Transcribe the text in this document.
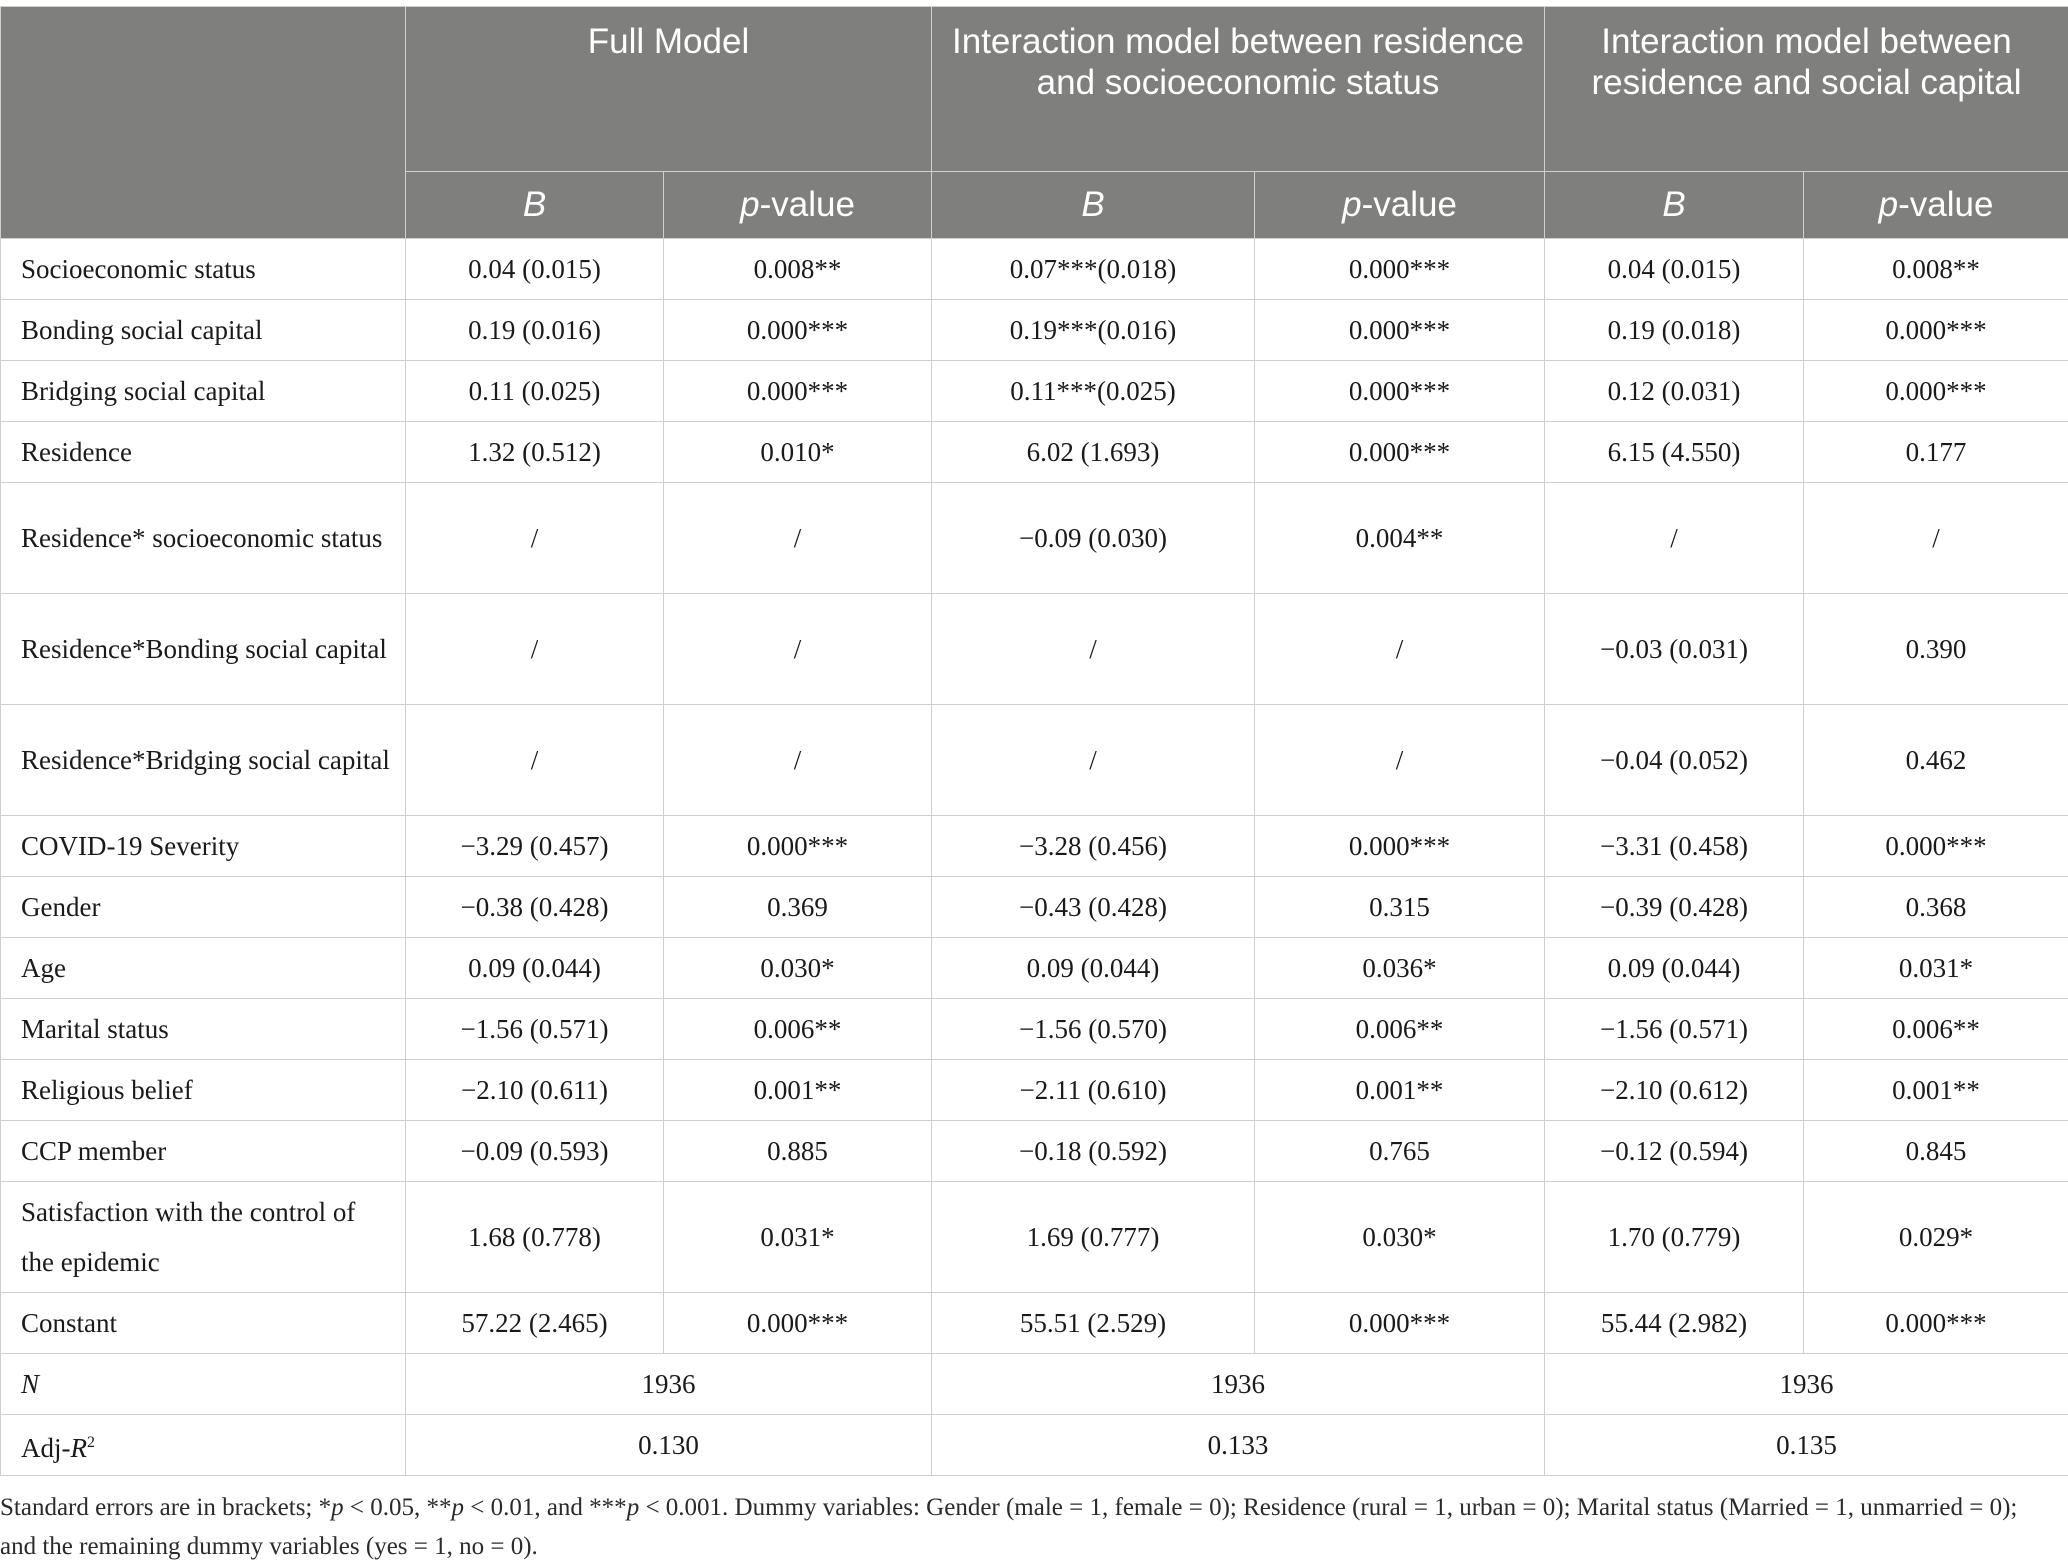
	Full Model		Interaction model between residence and socioeconomic status		Interaction model between residence and social capital	
	B	p-value	B	p-value	B	p-value
Socioeconomic status	0.04 (0.015)	0.008**	0.07***(0.018)	0.000***	0.04 (0.015)	0.008**
Bonding social capital	0.19 (0.016)	0.000***	0.19***(0.016)	0.000***	0.19 (0.018)	0.000***
Bridging social capital	0.11 (0.025)	0.000***	0.11***(0.025)	0.000***	0.12 (0.031)	0.000***
Residence	1.32 (0.512)	0.010*	6.02 (1.693)	0.000***	6.15 (4.550)	0.177
Residence* socioeconomic status	/	/	−0.09 (0.030)	0.004**	/	/
Residence*Bonding social capital	/	/	/	/	−0.03 (0.031)	0.390
Residence*Bridging social capital	/	/	/	/	−0.04 (0.052)	0.462
COVID-19 Severity	−3.29 (0.457)	0.000***	−3.28 (0.456)	0.000***	−3.31 (0.458)	0.000***
Gender	−0.38 (0.428)	0.369	−0.43 (0.428)	0.315	−0.39 (0.428)	0.368
Age	0.09 (0.044)	0.030*	0.09 (0.044)	0.036*	0.09 (0.044)	0.031*
Marital status	−1.56 (0.571)	0.006**	−1.56 (0.570)	0.006**	−1.56 (0.571)	0.006**
Religious belief	−2.10 (0.611)	0.001**	−2.11 (0.610)	0.001**	−2.10 (0.612)	0.001**
CCP member	−0.09 (0.593)	0.885	−0.18 (0.592)	0.765	−0.12 (0.594)	0.845
Satisfaction with the control of the epidemic	1.68 (0.778)	0.031*	1.69 (0.777)	0.030*	1.70 (0.779)	0.029*
Constant	57.22 (2.465)	0.000***	55.51 (2.529)	0.000***	55.44 (2.982)	0.000***
N	1936		1936		1936	
Adj-$R^2$	0.130		0.133		0.135	
Standard errors are in brackets; *p < 0.05, **p < 0.01, and ***p < 0.001. Dummy variables: Gender (male = 1, female = 0); Residence (rural = 1, urban = 0); Marital status (Married = 1, unmarried = 0); and the remaining dummy variables (yes = 1, no = 0).
